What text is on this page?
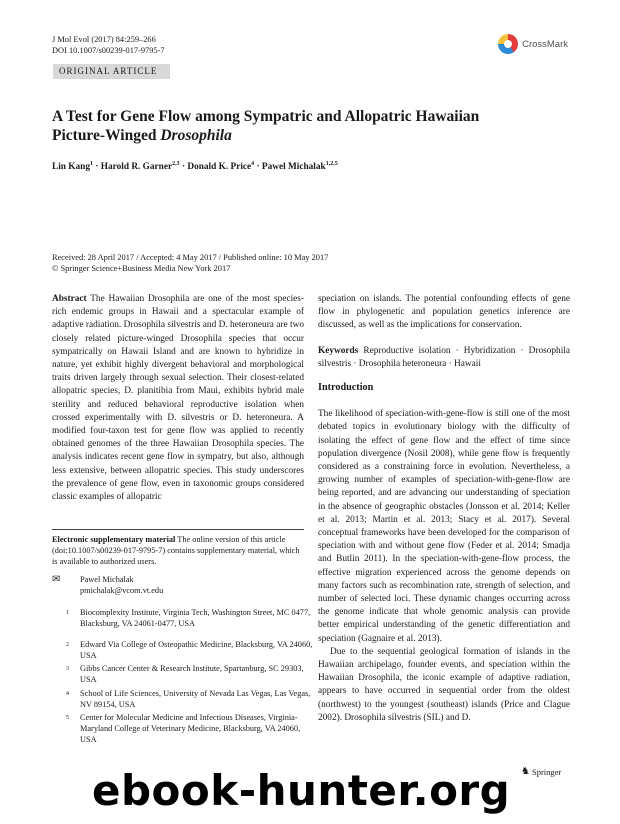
J Mol Evol (2017) 84:259–266
DOI 10.1007/s00239-017-9795-7
CrossMark
ORIGINAL ARTICLE
A Test for Gene Flow among Sympatric and Allopatric Hawaiian
Picture-Winged Drosophila
Lin Kang$^1$ · Harold R. Garner$^{2,3}$ · Donald K. Price$^4$ · Pawel Michalak$^{1,2,5}$
Received: 28 April 2017 / Accepted: 4 May 2017 / Published online: 10 May 2017
© Springer Science+Business Media New York 2017

Abstract The Hawaiian Drosophila are one of the most species-rich endemic groups in Hawaii and a spectacular example of adaptive radiation. Drosophila silvestris and D. heteroneura are two closely related picture-winged Drosophila species that occur sympatrically on Hawaii Island and are known to hybridize in nature, yet exhibit highly divergent behavioral and morphological traits driven largely through sexual selection. Their closest-related allopatric species, D. planitibia from Maui, exhibits hybrid male sterility and reduced behavioral reproductive isolation when crossed experimentally with D. silvestris or D. heteroneura. A modified four-taxon test for gene flow was applied to recently obtained genomes of the three Hawaiian Drosophila species. The analysis indicates recent gene flow in sympatry, but also, although less extensive, between allopatric species. This study underscores the prevalence of gene flow, even in taxonomic groups considered classic examples of allopatric

Electronic supplementary material The online version of this article (doi:10.1007/s00239-017-9795-7) contains supplementary material, which is available to authorized users.
✉ Pawel Michalak
pmichalak@vcom.vt.edu
1 Biocomplexity Institute, Virginia Tech, Washington Street, MC 0477, Blacksburg, VA 24061-0477, USA
2 Edward Via College of Osteopathic Medicine, Blacksburg, VA 24060, USA
3 Gibbs Cancer Center & Research Institute, Spartanburg, SC 29303, USA
4 School of Life Sciences, University of Nevada Las Vegas, Las Vegas, NV 89154, USA
5 Center for Molecular Medicine and Infectious Diseases, Virginia-Maryland College of Veterinary Medicine, Blacksburg, VA 24060, USA

speciation on islands. The potential confounding effects of gene flow in phylogenetic and population genetics inference are discussed, as well as the implications for conservation.

Keywords Reproductive isolation · Hybridization · Drosophila silvestris · Drosophila heteroneura · Hawaii

Introduction

The likelihood of speciation-with-gene-flow is still one of the most debated topics in evolutionary biology with the difficulty of isolating the effect of gene flow and the effect of time since population divergence (Nosil 2008), while gene flow is frequently considered as a constraining force in evolution. Nevertheless, a growing number of examples of speciation-with-gene-flow are being reported, and are advancing our understanding of speciation in the absence of geographic obstacles (Jonsson et al. 2014; Keller et al. 2013; Martin et al. 2013; Stacy et al. 2017). Several conceptual frameworks have been developed for the comparison of speciation with and without gene flow (Feder et al. 2014; Smadja and Butlin 2011). In the speciation-with-gene-flow process, the effective migration experienced across the genome depends on many factors such as recombination rate, strength of selection, and number of selected loci. These dynamic changes occurring across the genome indicate that whole genomic analysis can provide better empirical understanding of the genetic differentiation and speciation (Gagnaire et al. 2013).

Due to the sequential geological formation of islands in the Hawaiian archipelago, founder events, and speciation within the Hawaiian Drosophila, the iconic example of adaptive radiation, appears to have occurred in sequential order from the oldest (northwest) to the youngest (southeast) islands (Price and Clague 2002). Drosophila silvestris (SIL) and D.

♞ Springer
ebook-hunter.org
